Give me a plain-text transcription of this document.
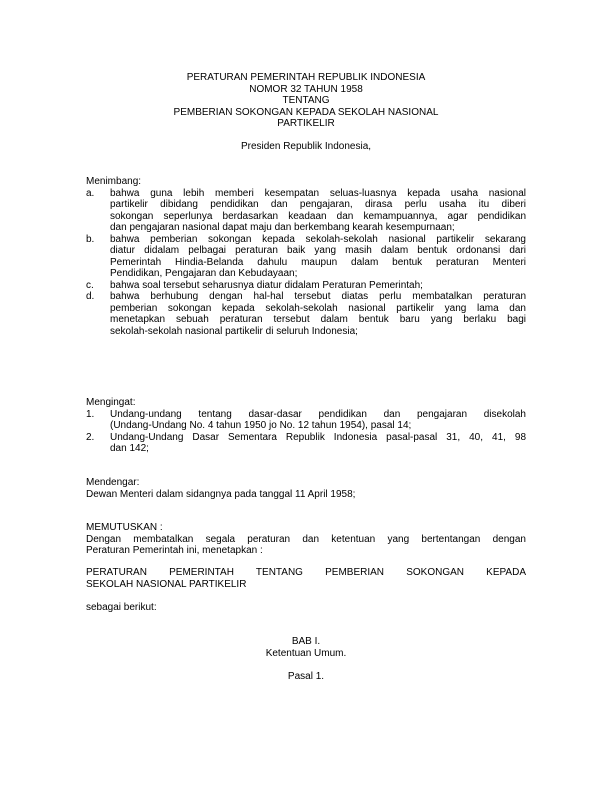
PERATURAN PEMERINTAH REPUBLIK INDONESIA
NOMOR 32 TAHUN 1958
TENTANG
PEMBERIAN SOKONGAN KEPADA SEKOLAH NASIONAL
PARTIKELIR
Presiden Republik Indonesia,
Menimbang:
a. bahwa guna lebih memberi kesempatan seluas-luasnya kepada usaha nasional
partikelir dibidang pendidikan dan pengajaran, dirasa perlu usaha itu diberi
sokongan seperlunya berdasarkan keadaan dan kemampuannya, agar pendidikan
dan pengajaran nasional dapat maju dan berkembang kearah kesempurnaan;
b. bahwa pemberian sokongan kepada sekolah-sekolah nasional partikelir sekarang
diatur didalam pelbagai peraturan baik yang masih dalam bentuk ordonansi dari
Pemerintah Hindia-Belanda dahulu maupun dalam bentuk peraturan Menteri
Pendidikan, Pengajaran dan Kebudayaan;
c. bahwa soal tersebut seharusnya diatur didalam Peraturan Pemerintah;
d. bahwa berhubung dengan hal-hal tersebut diatas perlu membatalkan peraturan
pemberian sokongan kepada sekolah-sekolah nasional partikelir yang lama dan
menetapkan sebuah peraturan tersebut dalam bentuk baru yang berlaku bagi
sekolah-sekolah nasional partikelir di seluruh Indonesia;
Mengingat:
1. Undang-undang tentang dasar-dasar pendidikan dan pengajaran disekolah
(Undang-Undang No. 4 tahun 1950 jo No. 12 tahun 1954), pasal 14;
2. Undang-Undang Dasar Sementara Republik Indonesia pasal-pasal 31, 40, 41, 98
dan 142;
Mendengar:
Dewan Menteri dalam sidangnya pada tanggal 11 April 1958;
MEMUTUSKAN :
Dengan membatalkan segala peraturan dan ketentuan yang bertentangan dengan
Peraturan Pemerintah ini, menetapkan :
PERATURAN PEMERINTAH TENTANG PEMBERIAN SOKONGAN KEPADA
SEKOLAH NASIONAL PARTIKELIR
sebagai berikut:
BAB I.
Ketentuan Umum.
Pasal 1.
